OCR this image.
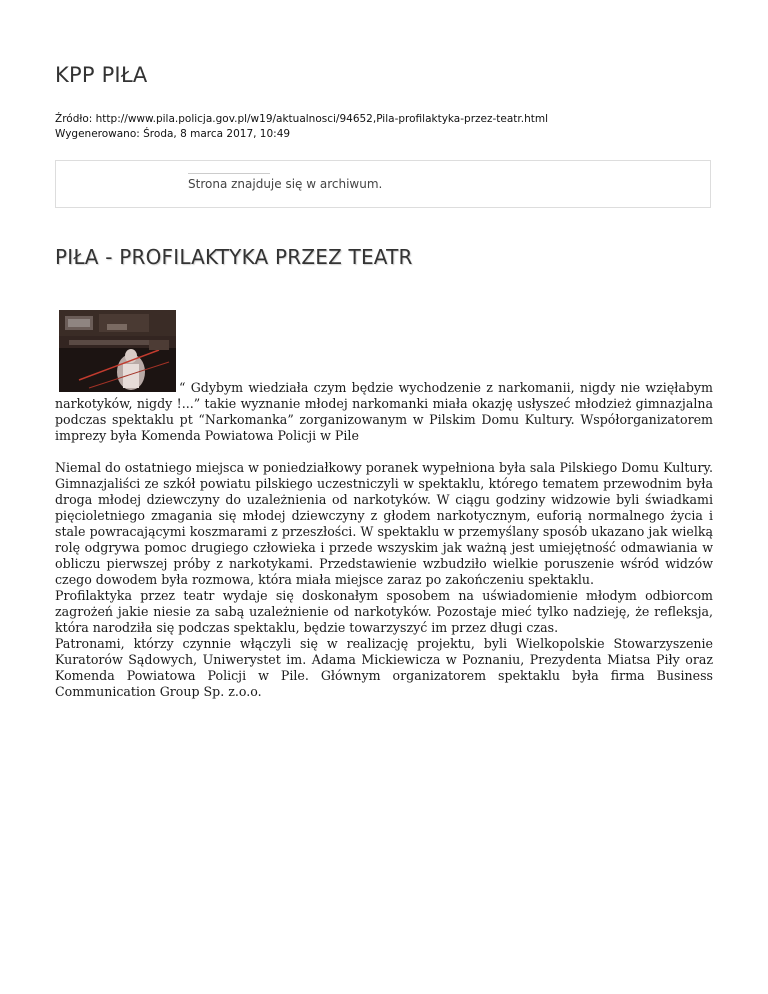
KPP PIŁA
Źródło: http://www.pila.policja.gov.pl/w19/aktualnosci/94652,Pila-profilaktyka-przez-teatr.html
Wygenerowano: Środa, 8 marca 2017, 10:49
Strona znajduje się w archiwum.
PIŁA - PROFILAKTYKA PRZEZ TEATR

“ Gdybym wiedziała czym będzie wychodzenie z narkomanii, nigdy nie wzięłabym narkotyków, nigdy !...” takie wyznanie młodej narkomanki miała okazję usłyszeć młodzież gimnazjalna podczas spektaklu pt “Narkomanka” zorganizowanym w Pilskim Domu Kultury. Współorganizatorem imprezy była Komenda Powiatowa Policji w Pile

Niemal do ostatniego miejsca w poniedziałkowy poranek wypełniona była sala Pilskiego Domu Kultury. Gimnazjaliści ze szkół powiatu pilskiego uczestniczyli w spektaklu, którego tematem przewodnim była droga młodej dziewczyny do uzależnienia od narkotyków. W ciągu godziny widzowie byli świadkami pięcioletniego zmagania się młodej dziewczyny z głodem narkotycznym, euforią normalnego życia i stale powracającymi koszmarami z przeszłości. W spektaklu w przemyślany sposób ukazano jak wielką rolę odgrywa pomoc drugiego człowieka i przede wszyskim jak ważną jest umiejętność odmawiania w obliczu pierwszej próby z narkotykami. Przedstawienie wzbudziło wielkie poruszenie wśród widzów czego dowodem była rozmowa, która miała miejsce zaraz po zakończeniu spektaklu.

Profilaktyka przez teatr wydaje się doskonałym sposobem na uświadomienie młodym odbiorcom zagrożeń jakie niesie za sabą uzależnienie od narkotyków. Pozostaje mieć tylko nadzieję, że refleksja, która narodziła się podczas spektaklu, będzie towarzyszyć im przez długi czas.

Patronami, którzy czynnie włączyli się w realizację projektu, byli Wielkopolskie Stowarzyszenie Kuratorów Sądowych, Uniwerystet im. Adama Mickiewicza w Poznaniu, Prezydenta Miatsa Piły oraz Komenda Powiatowa Policji w Pile. Głównym organizatorem spektaklu była firma Business Communication Group Sp. z.o.o.
